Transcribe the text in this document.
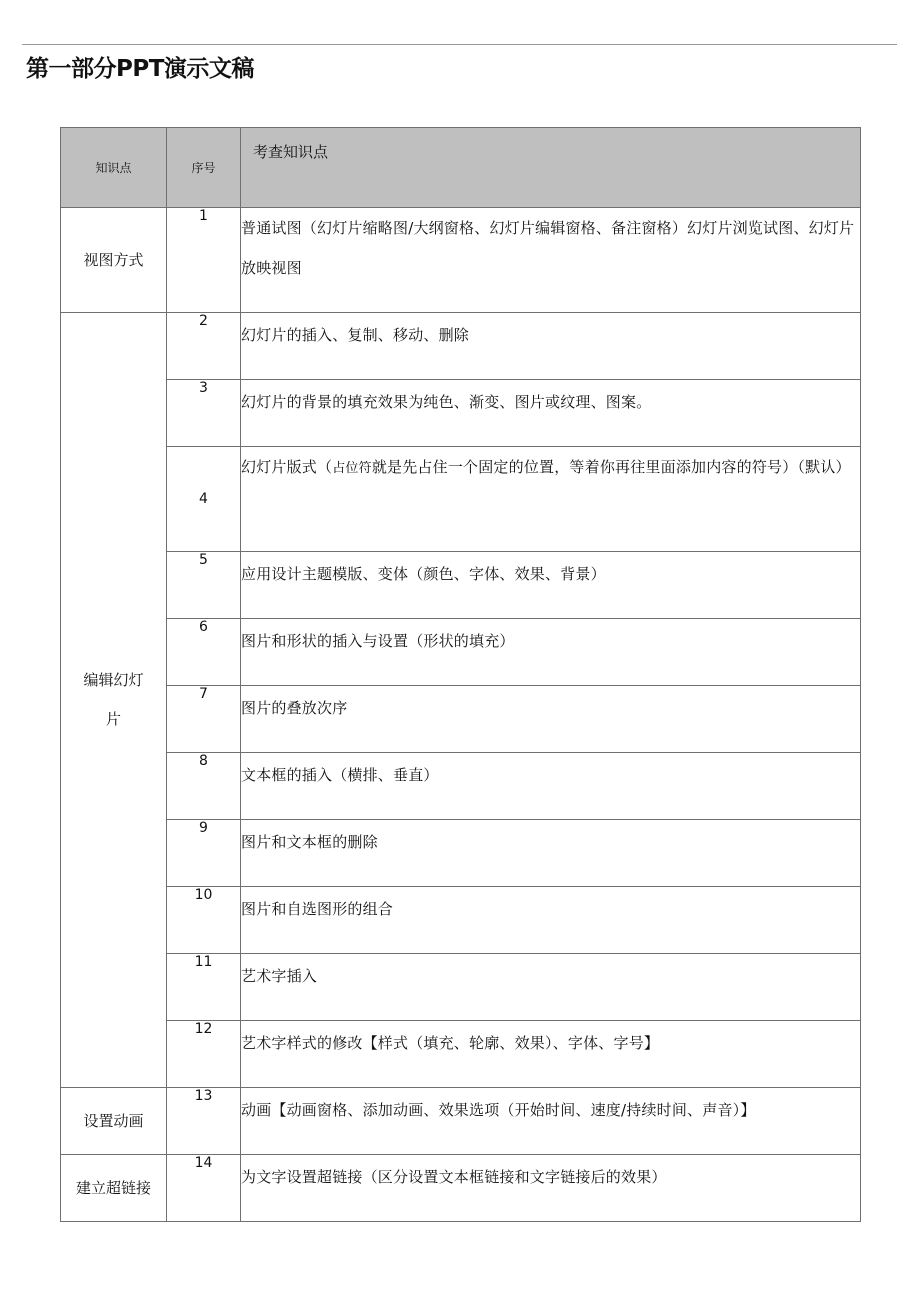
第一部分PPT演示文稿
知识点	序号	考查知识点
视图方式	1	普通试图（幻灯片缩略图/大纲窗格、幻灯片编辑窗格、备注窗格）幻灯片浏览试图、幻灯片放映视图

编辑幻灯片	2	幻灯片的插入、复制、移动、删除
	3	幻灯片的背景的填充效果为纯色、渐变、图片或纹理、图案。
	4	幻灯片版式（占位符就是先占住一个固定的位置，等着你再往里面添加内容的符号）（默认）
	5	应用设计主题模版、变体（颜色、字体、效果、背景）
	6	图片和形状的插入与设置（形状的填充）
	7	图片的叠放次序
	8	文本框的插入（横排、垂直）
	9	图片和文本框的删除
	10	图片和自选图形的组合
	11	艺术字插入
	12	艺术字样式的修改【样式（填充、轮廓、效果）、字体、字号】
设置动画	13	动画【动画窗格、添加动画、效果选项（开始时间、速度/持续时间、声音）】
建立超链接	14	为文字设置超链接（区分设置文本框链接和文字链接后的效果）
